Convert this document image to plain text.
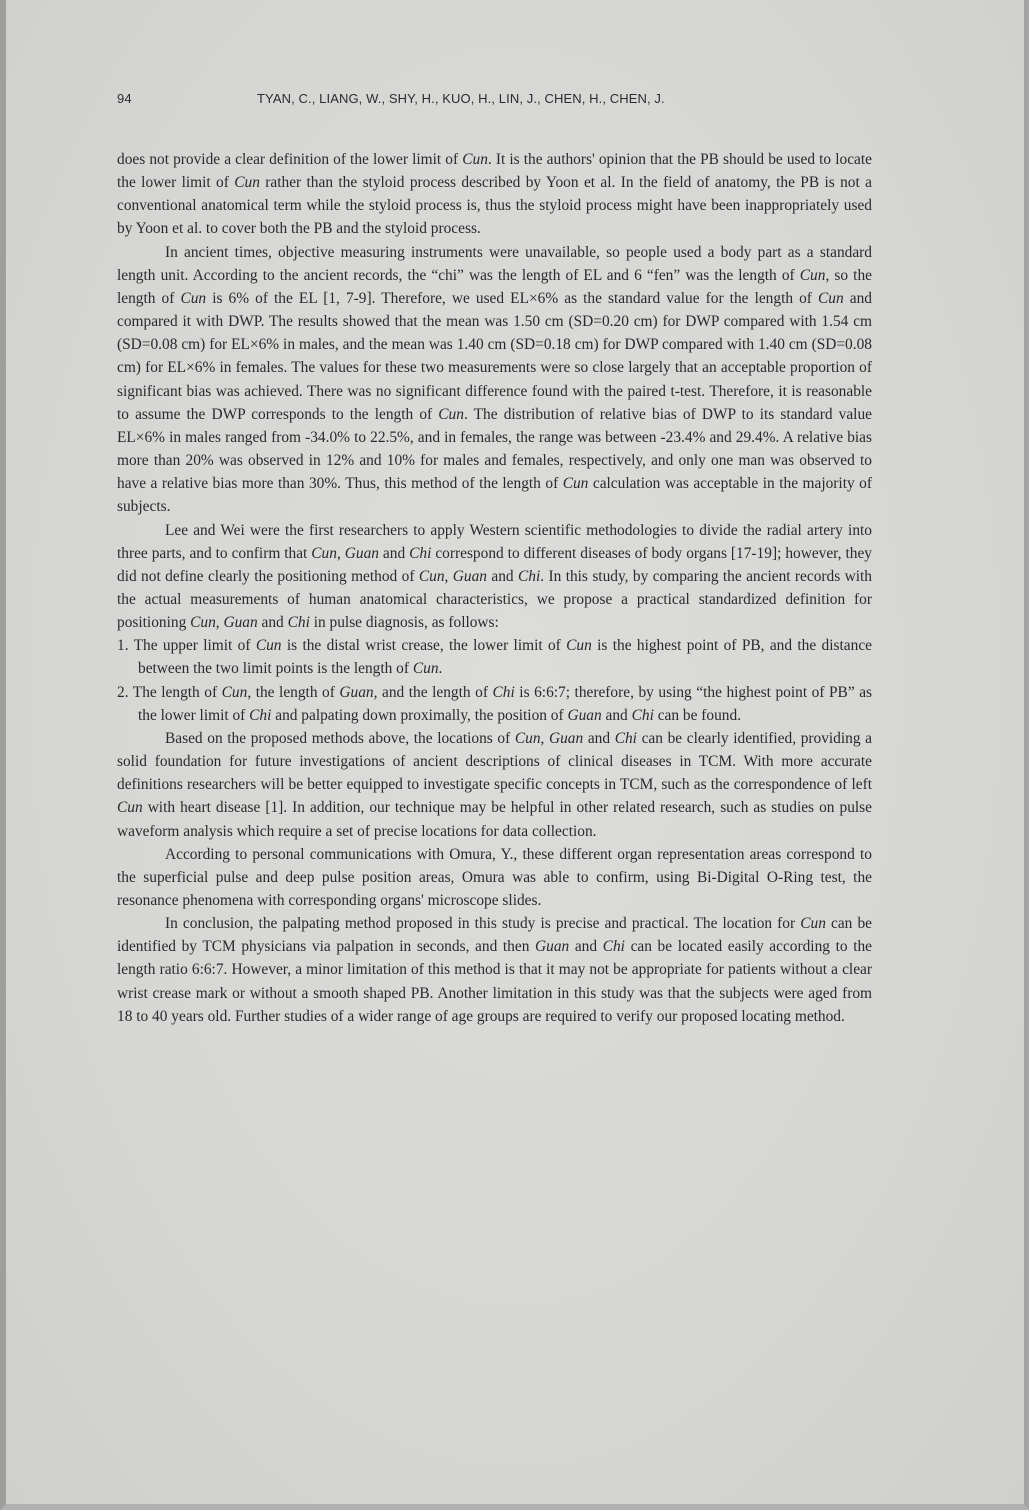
94	TYAN, C., LIANG, W., SHY, H., KUO, H., LIN, J., CHEN, H., CHEN, J.

does not provide a clear definition of the lower limit of Cun. It is the authors' opinion that the PB should be used to locate the lower limit of Cun rather than the styloid process described by Yoon et al. In the field of anatomy, the PB is not a conventional anatomical term while the styloid process is, thus the styloid process might have been inappropriately used by Yoon et al. to cover both the PB and the styloid process.

In ancient times, objective measuring instruments were unavailable, so people used a body part as a standard length unit. According to the ancient records, the “chi” was the length of EL and 6 “fen” was the length of Cun, so the length of Cun is 6% of the EL [1, 7-9]. Therefore, we used EL×6% as the standard value for the length of Cun and compared it with DWP. The results showed that the mean was 1.50 cm (SD=0.20 cm) for DWP compared with 1.54 cm (SD=0.08 cm) for EL×6% in males, and the mean was 1.40 cm (SD=0.18 cm) for DWP compared with 1.40 cm (SD=0.08 cm) for EL×6% in females. The values for these two measurements were so close largely that an acceptable proportion of significant bias was achieved. There was no significant difference found with the paired t-test. Therefore, it is reasonable to assume the DWP corresponds to the length of Cun. The distribution of relative bias of DWP to its standard value EL×6% in males ranged from -34.0% to 22.5%, and in females, the range was between -23.4% and 29.4%. A relative bias more than 20% was observed in 12% and 10% for males and females, respectively, and only one man was observed to have a relative bias more than 30%. Thus, this method of the length of Cun calculation was acceptable in the majority of subjects.

Lee and Wei were the first researchers to apply Western scientific methodologies to divide the radial artery into three parts, and to confirm that Cun, Guan and Chi correspond to different diseases of body organs [17-19]; however, they did not define clearly the positioning method of Cun, Guan and Chi. In this study, by comparing the ancient records with the actual measurements of human anatomical characteristics, we propose a practical standardized definition for positioning Cun, Guan and Chi in pulse diagnosis, as follows:

1. The upper limit of Cun is the distal wrist crease, the lower limit of Cun is the highest point of PB, and the distance between the two limit points is the length of Cun.

2. The length of Cun, the length of Guan, and the length of Chi is 6:6:7; therefore, by using “the highest point of PB” as the lower limit of Chi and palpating down proximally, the position of Guan and Chi can be found.

Based on the proposed methods above, the locations of Cun, Guan and Chi can be clearly identified, providing a solid foundation for future investigations of ancient descriptions of clinical diseases in TCM. With more accurate definitions researchers will be better equipped to investigate specific concepts in TCM, such as the correspondence of left Cun with heart disease [1]. In addition, our technique may be helpful in other related research, such as studies on pulse waveform analysis which require a set of precise locations for data collection.

According to personal communications with Omura, Y., these different organ representation areas correspond to the superficial pulse and deep pulse position areas, Omura was able to confirm, using Bi-Digital O-Ring test, the resonance phenomena with corresponding organs' microscope slides.

In conclusion, the palpating method proposed in this study is precise and practical. The location for Cun can be identified by TCM physicians via palpation in seconds, and then Guan and Chi can be located easily according to the length ratio 6:6:7. However, a minor limitation of this method is that it may not be appropriate for patients without a clear wrist crease mark or without a smooth shaped PB. Another limitation in this study was that the subjects were aged from 18 to 40 years old. Further studies of a wider range of age groups are required to verify our proposed locating method.
